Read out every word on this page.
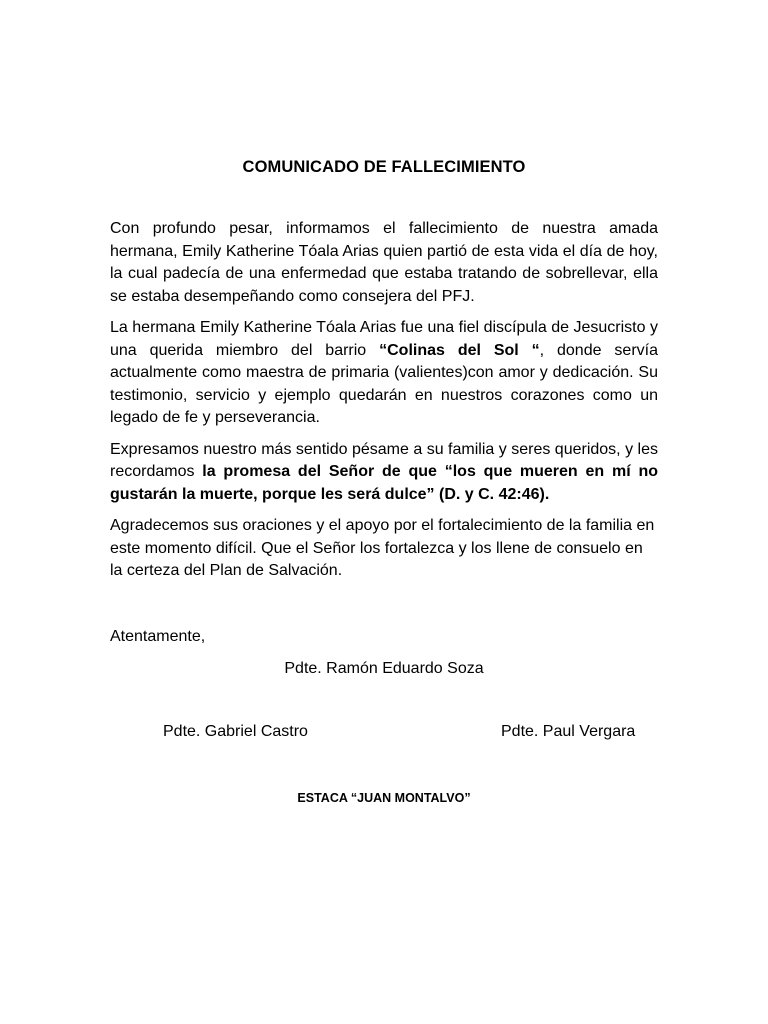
COMUNICADO DE FALLECIMIENTO

Con profundo pesar, informamos el fallecimiento de nuestra amada hermana, Emily Katherine Tóala Arias quien partió de esta vida el día de hoy, la cual padecía de una enfermedad que estaba tratando de sobrellevar, ella se estaba desempeñando como consejera del PFJ.

La hermana Emily Katherine Tóala Arias fue una fiel discípula de Jesucristo y una querida miembro del barrio “Colinas del Sol “, donde servía actualmente como maestra de primaria (valientes)con amor y dedicación. Su testimonio, servicio y ejemplo quedarán en nuestros corazones como un legado de fe y perseverancia.

Expresamos nuestro más sentido pésame a su familia y seres queridos, y les recordamos la promesa del Señor de que “los que mueren en mí no gustarán la muerte, porque les será dulce” (D. y C. 42:46).

Agradecemos sus oraciones y el apoyo por el fortalecimiento de la familia en este momento difícil. Que el Señor los fortalezca y los llene de consuelo en la certeza del Plan de Salvación.

Atentamente,
Pdte. Ramón Eduardo Soza
Pdte. Gabriel Castro	Pdte. Paul Vergara
ESTACA “JUAN MONTALVO”
